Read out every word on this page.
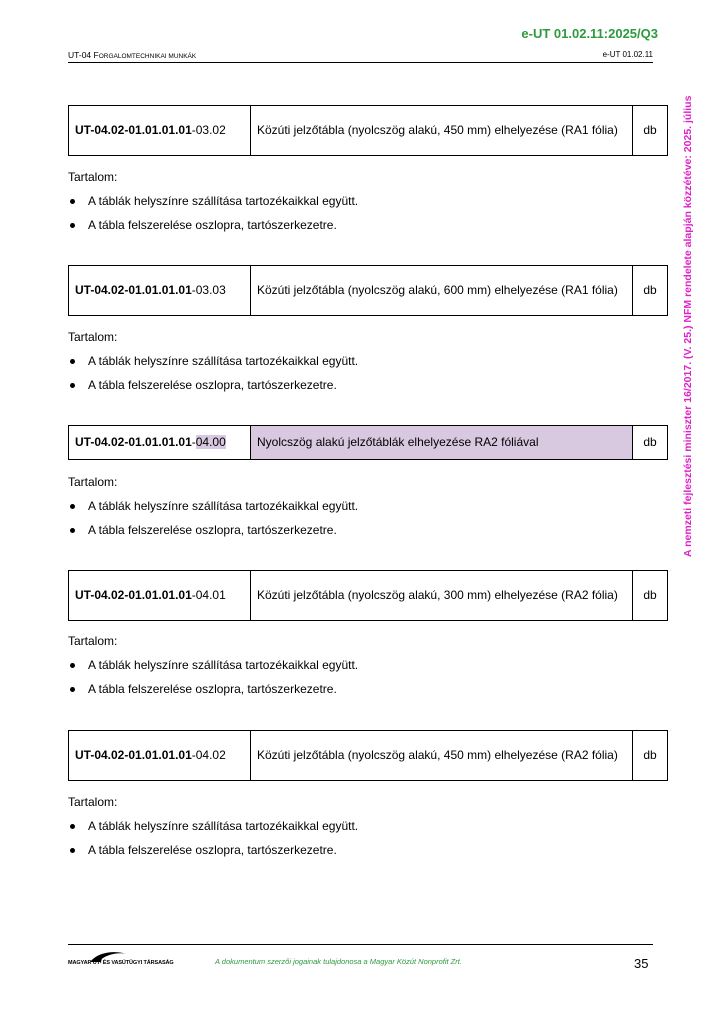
e-UT 01.02.11:2025/Q3
UT-04 FORGALOMTECHNIKAI MUNKÁK	e-UT 01.02.11
A nemzeti fejlesztési miniszter 16/2017. (V. 25.) NFM rendelete alapján közzétéve: 2025. július
UT-04.02-01.01.01.01-03.02	Közúti jelzőtábla (nyolcszög alakú, 450 mm) elhelyezése (RA1 fólia)	db
Tartalom:
A táblák helyszínre szállítása tartozékaikkal együtt.
A tábla felszerelése oszlopra, tartószerkezetre.
UT-04.02-01.01.01.01-03.03	Közúti jelzőtábla (nyolcszög alakú, 600 mm) elhelyezése (RA1 fólia)	db
Tartalom:
A táblák helyszínre szállítása tartozékaikkal együtt.
A tábla felszerelése oszlopra, tartószerkezetre.
UT-04.02-01.01.01.01-04.00	Nyolcszög alakú jelzőtáblák elhelyezése RA2 fóliával	db
Tartalom:
A táblák helyszínre szállítása tartozékaikkal együtt.
A tábla felszerelése oszlopra, tartószerkezetre.
UT-04.02-01.01.01.01-04.01	Közúti jelzőtábla (nyolcszög alakú, 300 mm) elhelyezése (RA2 fólia)	db
Tartalom:
A táblák helyszínre szállítása tartozékaikkal együtt.
A tábla felszerelése oszlopra, tartószerkezetre.
UT-04.02-01.01.01.01-04.02	Közúti jelzőtábla (nyolcszög alakú, 450 mm) elhelyezése (RA2 fólia)	db
Tartalom:
A táblák helyszínre szállítása tartozékaikkal együtt.
A tábla felszerelése oszlopra, tartószerkezetre.
MAGYAR ÚT- ÉS VASÚTÜGYI TÁRSASÁG	A dokumentum szerzői jogainak tulajdonosa a Magyar Közút Nonprofit Zrt.	35
